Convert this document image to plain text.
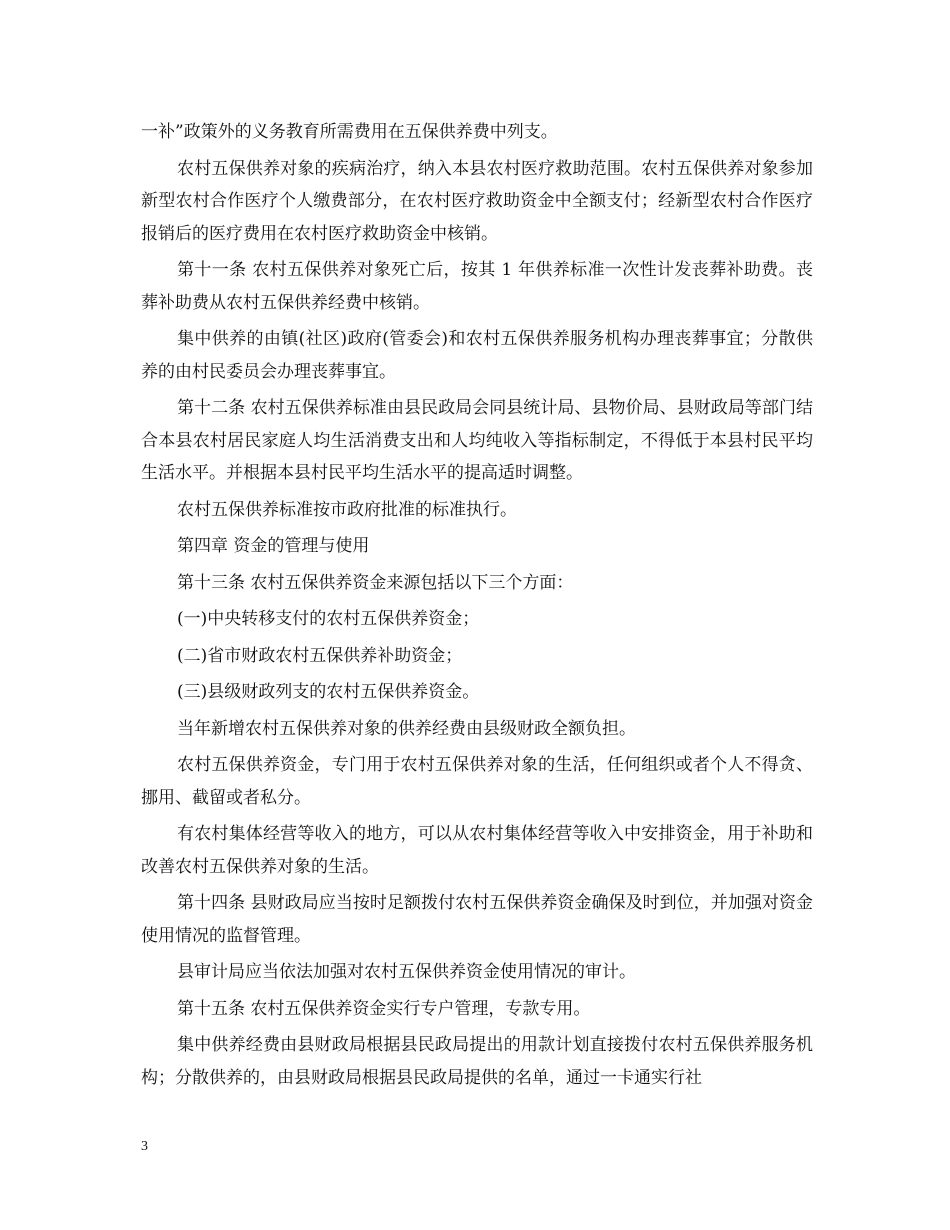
一补”政策外的义务教育所需费用在五保供养费中列支。

农村五保供养对象的疾病治疗，纳入本县农村医疗救助范围。农村五保供养对象参加新型农村合作医疗个人缴费部分，在农村医疗救助资金中全额支付；经新型农村合作医疗报销后的医疗费用在农村医疗救助资金中核销。

第十一条 农村五保供养对象死亡后，按其 1 年供养标准一次性计发丧葬补助费。丧葬补助费从农村五保供养经费中核销。

集中供养的由镇(社区)政府(管委会)和农村五保供养服务机构办理丧葬事宜；分散供养的由村民委员会办理丧葬事宜。

第十二条 农村五保供养标准由县民政局会同县统计局、县物价局、县财政局等部门结合本县农村居民家庭人均生活消费支出和人均纯收入等指标制定，不得低于本县村民平均生活水平。并根据本县村民平均生活水平的提高适时调整。

农村五保供养标准按市政府批准的标准执行。

第四章 资金的管理与使用

第十三条 农村五保供养资金来源包括以下三个方面：

(一)中央转移支付的农村五保供养资金；

(二)省市财政农村五保供养补助资金；

(三)县级财政列支的农村五保供养资金。

当年新增农村五保供养对象的供养经费由县级财政全额负担。

农村五保供养资金，专门用于农村五保供养对象的生活，任何组织或者个人不得贪、挪用、截留或者私分。

有农村集体经营等收入的地方，可以从农村集体经营等收入中安排资金，用于补助和改善农村五保供养对象的生活。

第十四条 县财政局应当按时足额拨付农村五保供养资金确保及时到位，并加强对资金使用情况的监督管理。

县审计局应当依法加强对农村五保供养资金使用情况的审计。

第十五条 农村五保供养资金实行专户管理，专款专用。

集中供养经费由县财政局根据县民政局提出的用款计划直接拨付农村五保供养服务机构；分散供养的，由县财政局根据县民政局提供的名单，通过一卡通实行社

3
